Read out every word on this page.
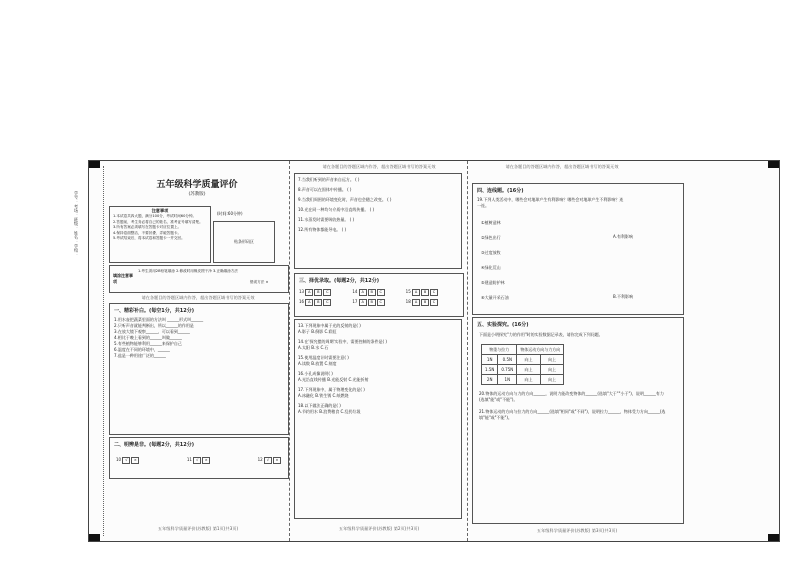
学号： 考场： 班级： 姓名： 学校：
五年级科学质量评价
(苏教版)
注意事项
1.本试卷共四大题，满分100分，考试时间60分钟。
2.答题前，考生务必将自己的姓名、准考证号填写清楚。
3.所有答案必须填写在答题卡对应位置上。
4.保持卷面整洁，不要折叠、弄破答题卡。
5.考试结束后，将本试卷和答题卡一并交回。
(时间:60分钟)
贴条形码区
填涂注意事项
1.考生须用2B铅笔填涂 2.修改时用橡皮擦干净 3.正确填涂方法
错误方法 ×
请在各题目的答题区域内作答，超出答题区域书写的答案无效
一、精彩补白。(每空1分，共12分)
1.用水壶把蔬菜里面的方法叫 ______形式叫______
2.只听声音就能判断出，所以______的作用是
3.在放大镜下观察______，可以看到______
4.相比于晚上看到的______叫做______
5.有些植物能够利用______来保护自己
6.温度在不同的环境中，______
7.盐是一种用途广泛的______
二、明辨是非。(每题2分，共12分)
10 √ ×	11 √ ×	12 √ ×
五年级科学质量评价(苏教版) 第1页(共3页)
请在各题目的答题区域内作答，超出答题区域书写的答案无效
7.当我们听到的声音来自远方。 ( )
8.声音可以在固体中传播。 ( )
9.当我们周围的环境变化时，声音也会随之改变。 ( )
10.光在同一种均匀介质中沿直线传播。 ( )
11.水蒸发时需要吸收热量。 ( )
12.所有物体都能导电。 ( )
三、择优录取。(每题2分，共12分)
13 A B C	14 A B C	15 A B C
16 A B C	17 A B C	18 A B C
13.下列现象中属于光的反射的是( )
A.影子 B.倒影 C.彩虹
14.在'探究摆的周期'实验中，需要控制的条件是( )
A.太阳 B.水 C.石
15.使用温度计时需要注意( )
A.读数 B.放置 C.刻度
16.小孔成像说明( )
A.光沿直线传播 B.光能反射 C.光能折射
17.下列现象中，属于物理变化的是( )
A.冰融化 B.铁生锈 C.纸燃烧
18.以下做法正确的是( )
A.节约用水 B.浪费粮食 C.乱扔垃圾
五年级科学质量评价(苏教版) 第2页(共3页)
请在各题目的答题区域内作答，超出答题区域书写的答案无效
四、连线题。(16分)
19.下列人类活动中，哪些会对地球产生有利影响？哪些会对地球产生不利影响？连一连。
①植树造林
②绿色出行
③过度放牧
④绿化荒山
⑤建造防护林
⑥大量开采石油
A.有利影响
B.不利影响
五、实验探究。(16分)
下面是小明探究"力的作用"时的实验数据记录表，请你完成下列问题。
物重与拉力		物体运动方向与力方向	
1N	0.5N	向上	向上
1.5N	0.75N	向上	向上
2N	1N	向上	向上
20.物体的运动方向与力的方向______，说明力能改变物体的______(选填"大于""小于")，说明______有力(选填"能"或"不能")。
21.物体运动的方向与拉力的方向______(选填"相同"或"不同")，说明拉力______，物体受力方向______(选填"能"或"不能")。
五年级科学质量评价(苏教版) 第3页(共3页)
